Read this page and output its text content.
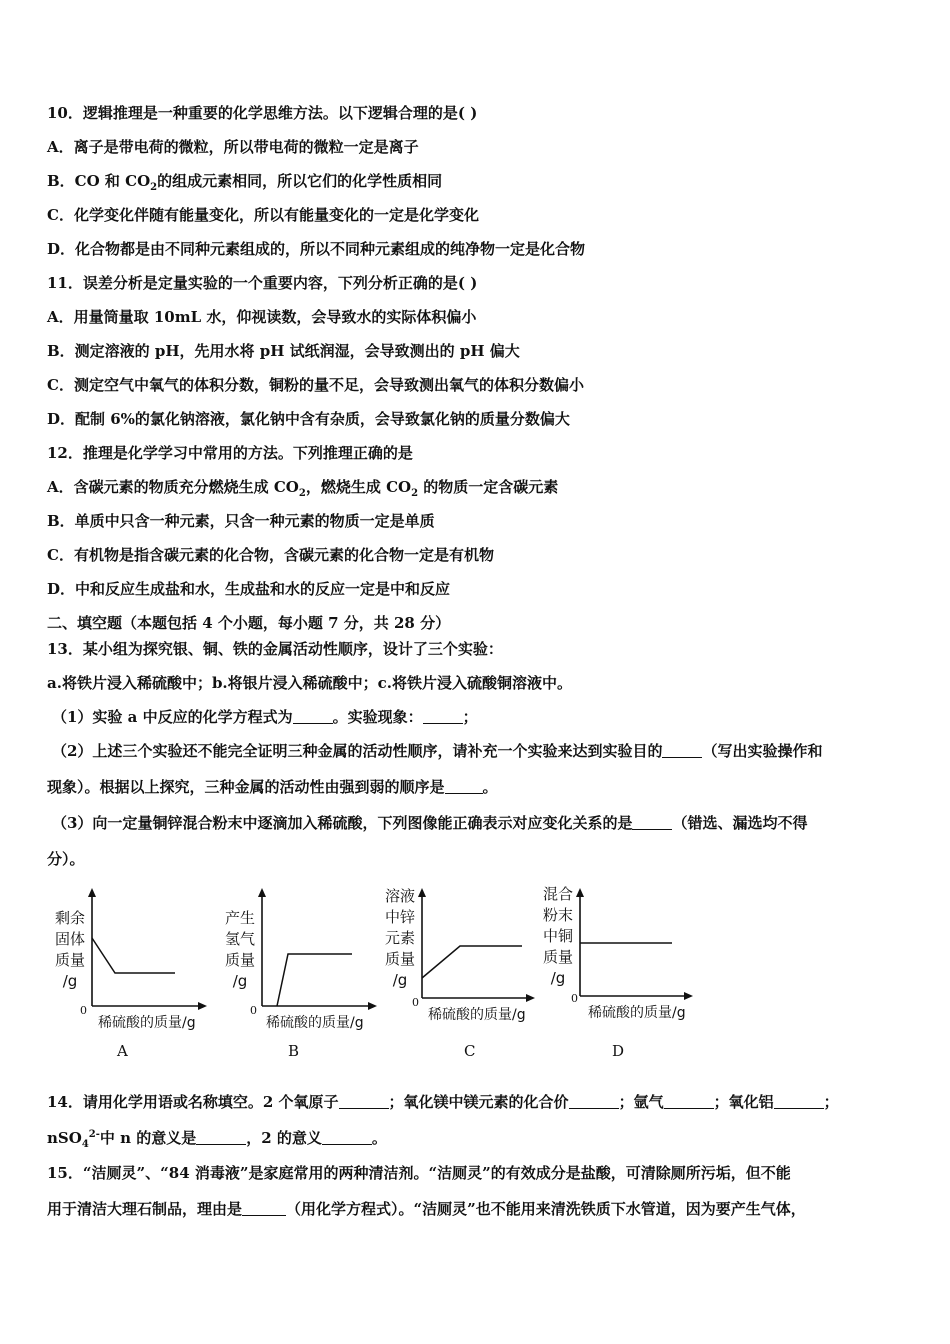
10．逻辑推理是一种重要的化学思维方法。以下逻辑合理的是( )
A．离子是带电荷的微粒，所以带电荷的微粒一定是离子
B．CO 和 $CO_2$的组成元素相同，所以它们的化学性质相同
C．化学变化伴随有能量变化，所以有能量变化的一定是化学变化
D．化合物都是由不同种元素组成的，所以不同种元素组成的纯净物一定是化合物
11．误差分析是定量实验的一个重要内容，下列分析正确的是( )
A．用量筒量取 10mL 水，仰视读数，会导致水的实际体积偏小
B．测定溶液的 pH，先用水将 pH 试纸润湿，会导致测出的 pH 偏大
C．测定空气中氧气的体积分数，铜粉的量不足，会导致测出氧气的体积分数偏小
D．配制 6%的氯化钠溶液，氯化钠中含有杂质，会导致氯化钠的质量分数偏大
12．推理是化学学习中常用的方法。下列推理正确的是
A．含碳元素的物质充分燃烧生成 $CO_2$，燃烧生成 $CO_2$ 的物质一定含碳元素
B．单质中只含一种元素，只含一种元素的物质一定是单质
C．有机物是指含碳元素的化合物，含碳元素的化合物一定是有机物
D．中和反应生成盐和水，生成盐和水的反应一定是中和反应
二、填空题（本题包括 4 个小题，每小题 7 分，共 28 分）
13．某小组为探究银、铜、铁的金属活动性顺序，设计了三个实验：
a.将铁片浸入稀硫酸中；b.将银片浸入稀硫酸中；c.将铁片浸入硫酸铜溶液中。
（1）实验 a 中反应的化学方程式为	。实验现象：	；
（2）上述三个实验还不能完全证明三种金属的活动性顺序，请补充一个实验来达到实验目的	（写出实验操作和
现象）。根据以上探究，三种金属的活动性由强到弱的顺序是	。
（3）向一定量铜锌混合粉末中逐滴加入稀硫酸，下列图像能正确表示对应变化关系的是	（错选、漏选均不得
分）。
剩余
固体
质量
/g
0
稀硫酸的质量/g
A
产生
氢气
质量
/g
0
稀硫酸的质量/g
B
溶液
中锌
元素
质量
/g
0
稀硫酸的质量/g
C
混合
粉末
中铜
质量
/g
0
稀硫酸的质量/g
D
14．请用化学用语或名称填空。2 个氧原子	；氧化镁中镁元素的化合价	；氩气	；氧化铝	；
nSO$_4^{2-}$中 n 的意义是	，2 的意义	。
15．“洁厕灵”、“84 消毒液”是家庭常用的两种清洁剂。“洁厕灵”的有效成分是盐酸，可清除厕所污垢，但不能
用于清洁大理石制品，理由是	（用化学方程式）。“洁厕灵”也不能用来清洗铁质下水管道，因为要产生气体，
